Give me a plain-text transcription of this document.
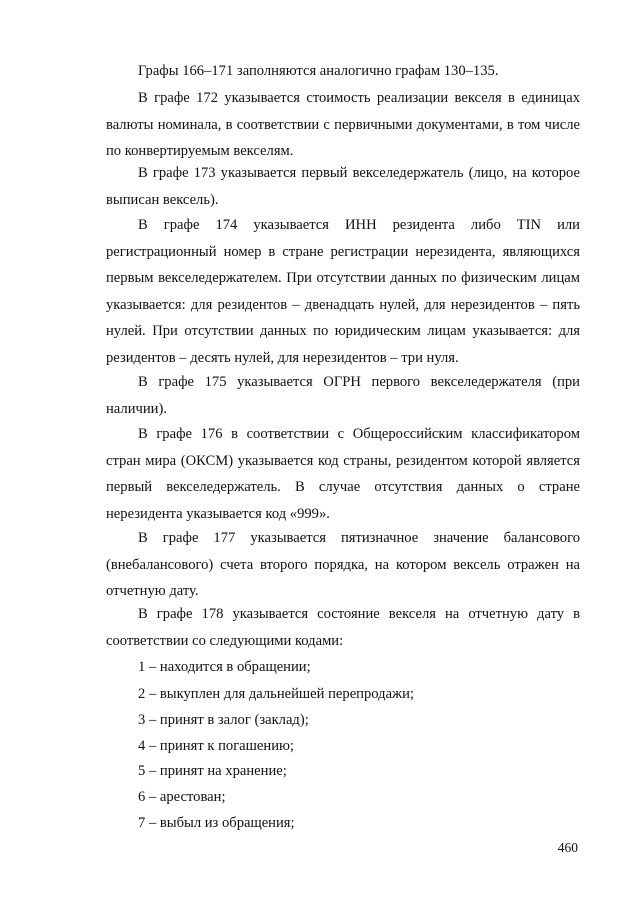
Графы 166–171 заполняются аналогично графам 130–135.

В графе 172 указывается стоимость реализации векселя в единицах валюты номинала, в соответствии с первичными документами, в том числе по конвертируемым векселям.

В графе 173 указывается первый векселедержатель (лицо, на которое выписан вексель).

В графе 174 указывается ИНН резидента либо TIN или регистрационный номер в стране регистрации нерезидента, являющихся первым векселедержателем. При отсутствии данных по физическим лицам указывается: для резидентов – двенадцать нулей, для нерезидентов – пять нулей. При отсутствии данных по юридическим лицам указывается: для резидентов – десять нулей, для нерезидентов – три нуля.

В графе 175 указывается ОГРН первого векселедержателя (при наличии).

В графе 176 в соответствии с Общероссийским классификатором стран мира (ОКСМ) указывается код страны, резидентом которой является первый векселедержатель. В случае отсутствия данных о стране нерезидента указывается код «999».

В графе 177 указывается пятизначное значение балансового (внебалансового) счета второго порядка, на котором вексель отражен на отчетную дату.

В графе 178 указывается состояние векселя на отчетную дату в соответствии со следующими кодами:

1 – находится в обращении;

2 – выкуплен для дальнейшей перепродажи;

3 – принят в залог (заклад);

4 – принят к погашению;

5 – принят на хранение;

6 – арестован;

7 – выбыл из обращения;

460
